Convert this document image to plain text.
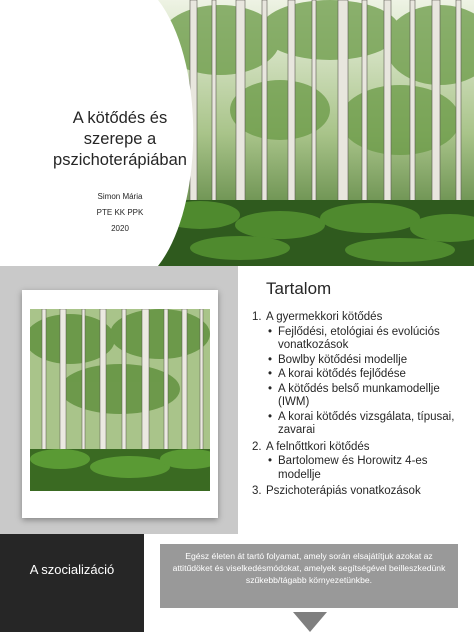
A kötődés és
szerepe a
pszichoterápiában
Simon Mária
PTE KK PPK
2020
Tartalom
1. A gyermekkori kötődés
• Fejlődési, etológiai és evolúciós vonatkozások
• Bowlby kötődési modellje
• A korai kötődés fejlődése
• A kötődés belső munkamodellje (IWM)
• A korai kötődés vizsgálata, típusai, zavarai
2. A felnőttkori kötődés
• Bartolomew és Horowitz 4-es modellje
3. Pszichoterápiás vonatkozások
A szocializáció

Egész életen át tartó folyamat, amely során elsajátítjuk azokat az attitűdöket és viselkedésmódokat, amelyek segítségével beilleszkedünk szűkebb/tágabb környezetünkbe.
